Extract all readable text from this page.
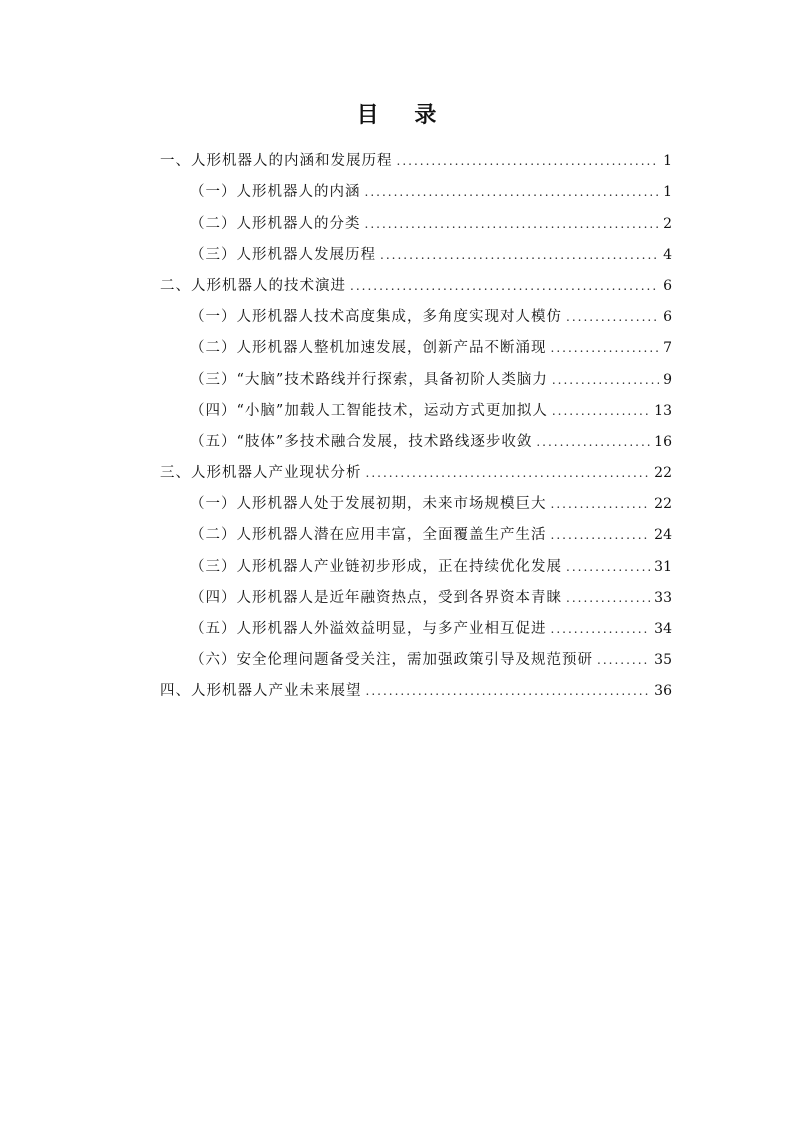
目 录
一、人形机器人的内涵和发展历程 .....	1
（一）人形机器人的内涵 .....	1
（二）人形机器人的分类 .....	2
（三）人形机器人发展历程 .....	4
二、人形机器人的技术演进 .....	6
（一）人形机器人技术高度集成，多角度实现对人模仿 .....	6
（二）人形机器人整机加速发展，创新产品不断涌现 .....	7
（三）“大脑”技术路线并行探索，具备初阶人类脑力 .....	9
（四）“小脑”加载人工智能技术，运动方式更加拟人 .....	13
（五）“肢体”多技术融合发展，技术路线逐步收敛 .....	16
三、人形机器人产业现状分析 .....	22
（一）人形机器人处于发展初期，未来市场规模巨大 .....	22
（二）人形机器人潜在应用丰富，全面覆盖生产生活 .....	24
（三）人形机器人产业链初步形成，正在持续优化发展 .....	31
（四）人形机器人是近年融资热点，受到各界资本青睐 .....	33
（五）人形机器人外溢效益明显，与多产业相互促进 .....	34
（六）安全伦理问题备受关注，需加强政策引导及规范预研 .....	35
四、人形机器人产业未来展望 .....	36
